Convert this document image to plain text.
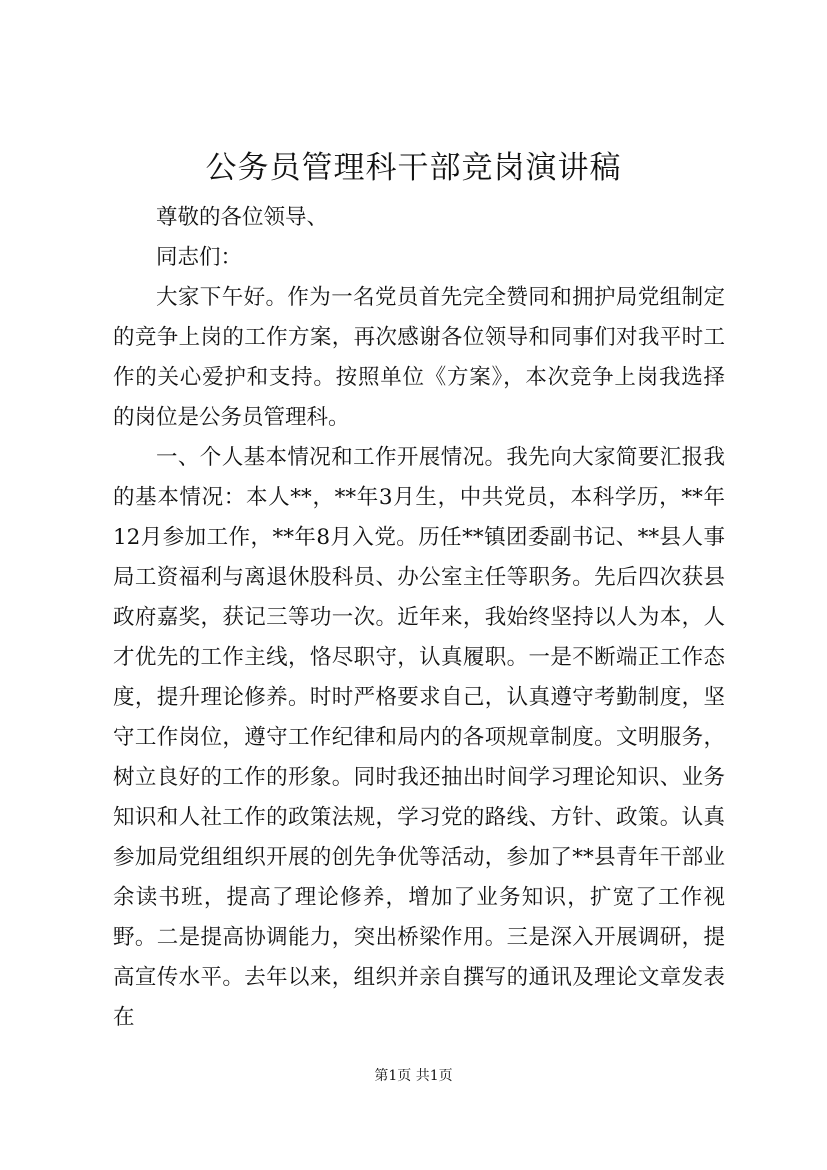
公务员管理科干部竞岗演讲稿

尊敬的各位领导、

同志们：

大家下午好。作为一名党员首先完全赞同和拥护局党组制定的竞争上岗的工作方案，再次感谢各位领导和同事们对我平时工作的关心爱护和支持。按照单位《方案》，本次竞争上岗我选择的岗位是公务员管理科。

一、个人基本情况和工作开展情况。我先向大家简要汇报我的基本情况：本人**，**年3月生，中共党员，本科学历，**年12月参加工作，**年8月入党。历任**镇团委副书记、**县人事局工资福利与离退休股科员、办公室主任等职务。先后四次获县政府嘉奖，获记三等功一次。近年来，我始终坚持以人为本，人才优先的工作主线，恪尽职守，认真履职。一是不断端正工作态度，提升理论修养。时时严格要求自己，认真遵守考勤制度，坚守工作岗位，遵守工作纪律和局内的各项规章制度。文明服务，树立良好的工作的形象。同时我还抽出时间学习理论知识、业务知识和人社工作的政策法规，学习党的路线、方针、政策。认真参加局党组组织开展的创先争优等活动，参加了**县青年干部业余读书班，提高了理论修养，增加了业务知识，扩宽了工作视野。二是提高协调能力，突出桥梁作用。三是深入开展调研，提高宣传水平。去年以来，组织并亲自撰写的通讯及理论文章发表在

第1页 共1页
